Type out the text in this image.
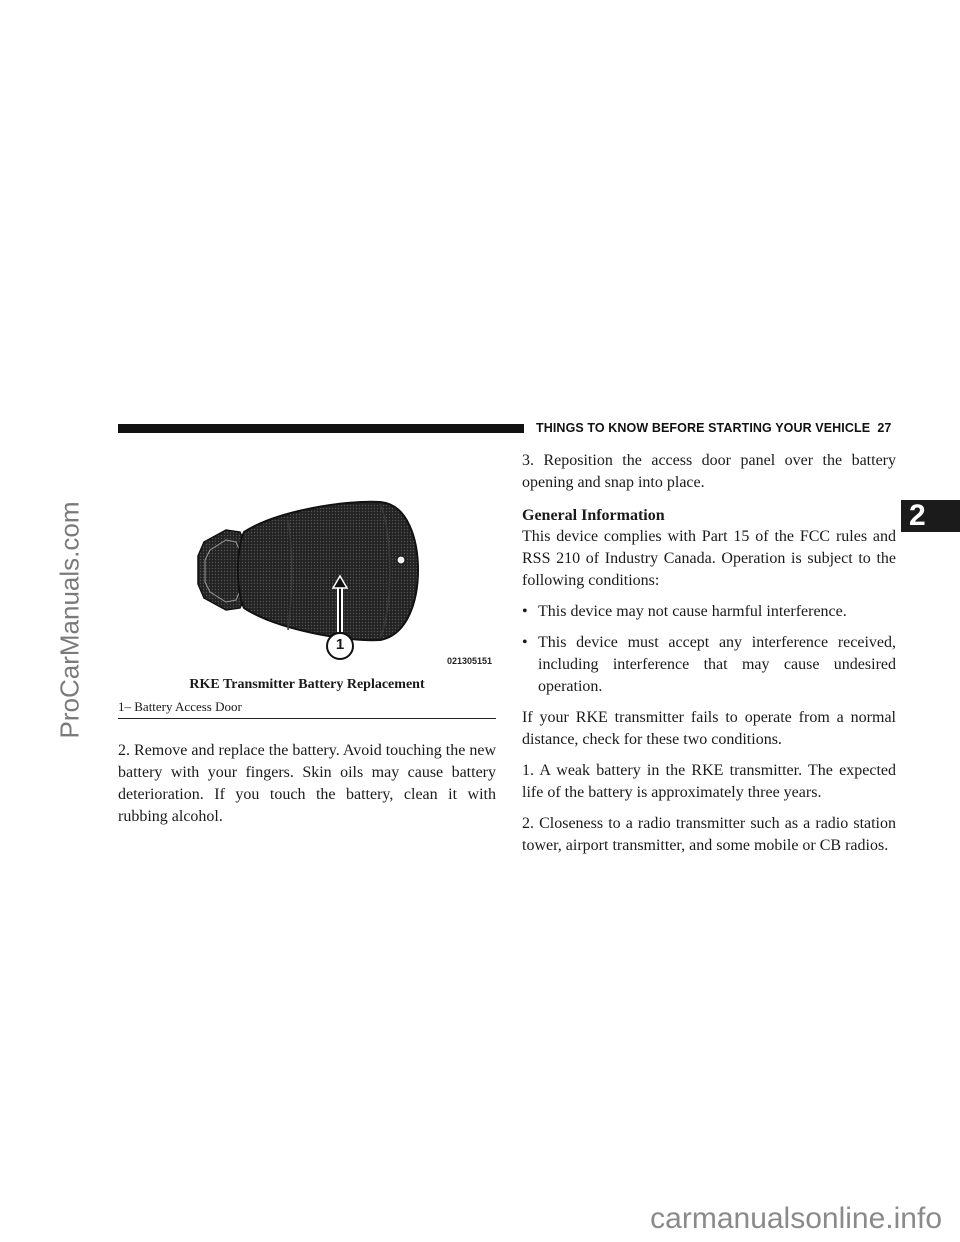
ProCarManuals.com
THINGS TO KNOW BEFORE STARTING YOUR VEHICLE 27
2
1
021305151
RKE Transmitter Battery Replacement
1– Battery Access Door

2. Remove and replace the battery. Avoid touching the new battery with your fingers. Skin oils may cause battery deterioration. If you touch the battery, clean it with rubbing alcohol.

3. Reposition the access door panel over the battery opening and snap into place.

General Information

This device complies with Part 15 of the FCC rules and RSS 210 of Industry Canada. Operation is subject to the following conditions:

• This device may not cause harmful interference.
• This device must accept any interference received, including interference that may cause undesired operation.

If your RKE transmitter fails to operate from a normal distance, check for these two conditions.

1. A weak battery in the RKE transmitter. The expected life of the battery is approximately three years.

2. Closeness to a radio transmitter such as a radio station tower, airport transmitter, and some mobile or CB radios.

carmanualsonline.info
